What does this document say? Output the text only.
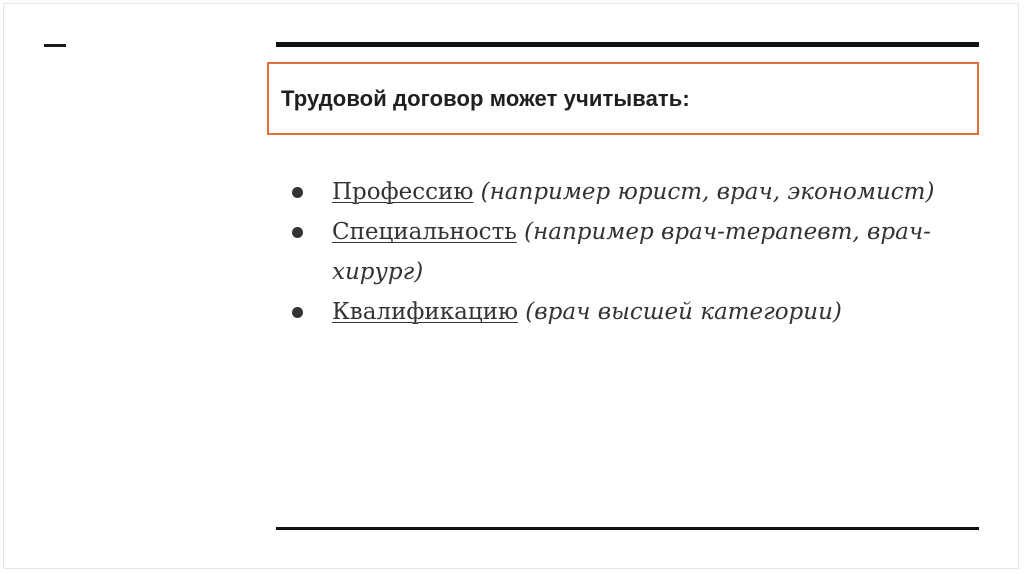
Трудовой договор может учитывать:
Профессию (например юрист, врач, экономист)
Специальность (например врач-терапевт, врач-хирург)
Квалификацию (врач высшей категории)
